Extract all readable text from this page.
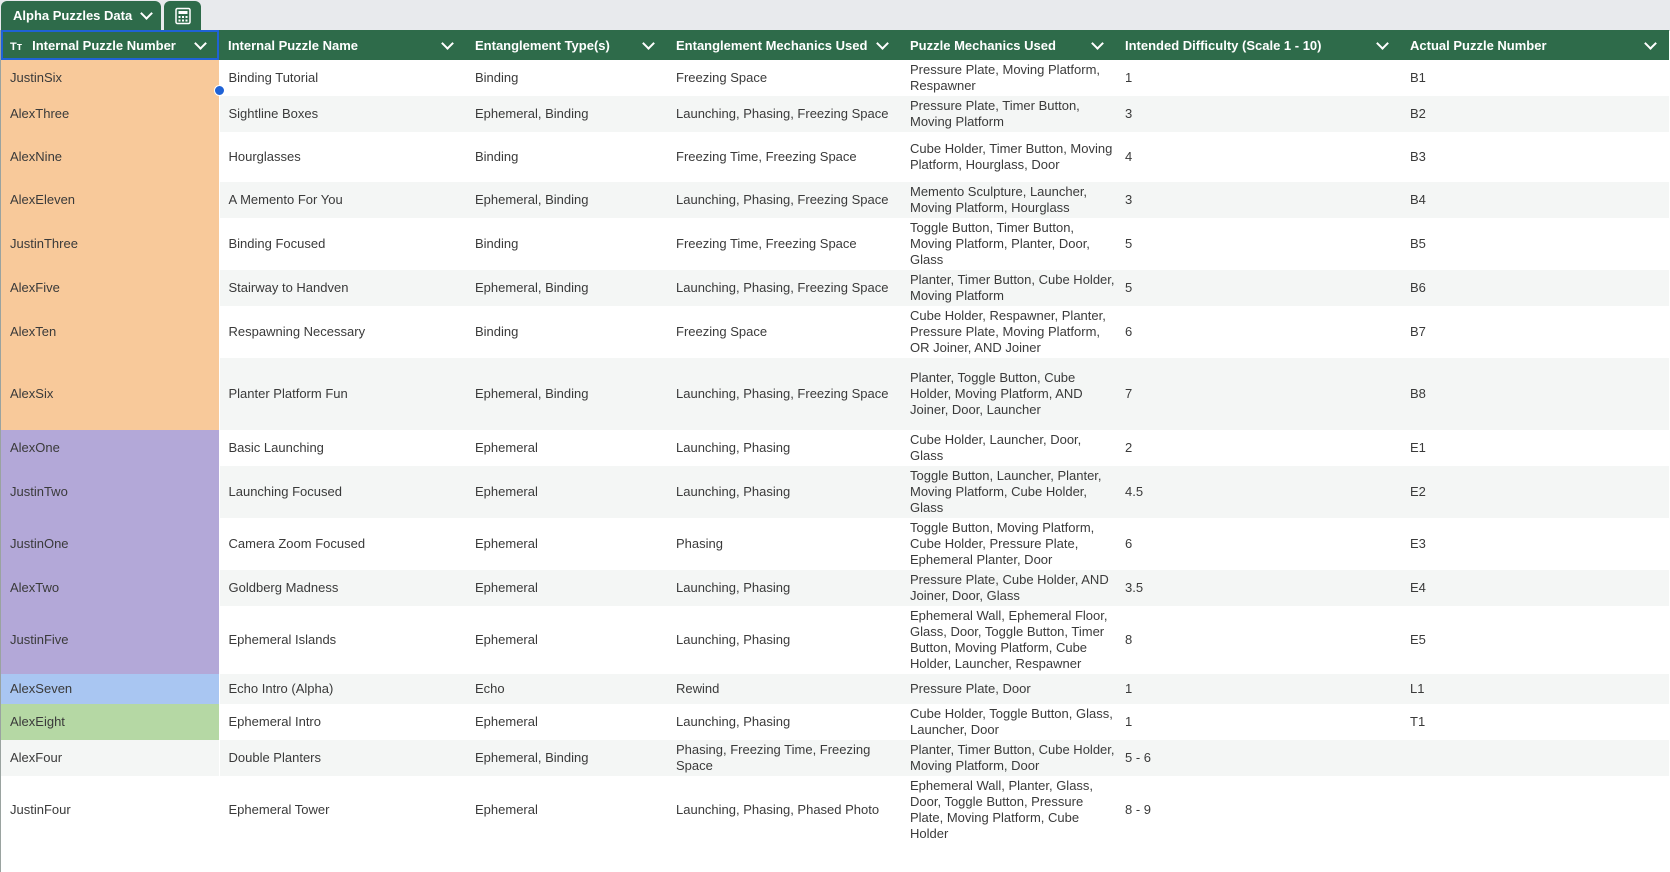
Alpha Puzzles Data
Tт Internal Puzzle Number	Internal Puzzle Name	Entanglement Type(s)	Entanglement Mechanics Used	Puzzle Mechanics Used	Intended Difficulty (Scale 1 - 10)	Actual Puzzle Number

JustinSix	Binding Tutorial	Binding	Freezing Space	Pressure Plate, Moving Platform, Respawner	1	B1
AlexThree	Sightline Boxes	Ephemeral, Binding	Launching, Phasing, Freezing Space	Pressure Plate, Timer Button, Moving Platform	3	B2
AlexNine	Hourglasses	Binding	Freezing Time, Freezing Space	Cube Holder, Timer Button, Moving Platform, Hourglass, Door	4	B3
AlexEleven	A Memento For You	Ephemeral, Binding	Launching, Phasing, Freezing Space	Memento Sculpture, Launcher, Moving Platform, Hourglass	3	B4
JustinThree	Binding Focused	Binding	Freezing Time, Freezing Space	Toggle Button, Timer Button, Moving Platform, Planter, Door, Glass	5	B5
AlexFive	Stairway to Handven	Ephemeral, Binding	Launching, Phasing, Freezing Space	Planter, Timer Button, Cube Holder, Moving Platform	5	B6
AlexTen	Respawning Necessary	Binding	Freezing Space	Cube Holder, Respawner, Planter, Pressure Plate, Moving Platform, OR Joiner, AND Joiner	6	B7
AlexSix	Planter Platform Fun	Ephemeral, Binding	Launching, Phasing, Freezing Space	Planter, Toggle Button, Cube Holder, Moving Platform, AND Joiner, Door, Launcher	7	B8
AlexOne	Basic Launching	Ephemeral	Launching, Phasing	Cube Holder, Launcher, Door, Glass	2	E1
JustinTwo	Launching Focused	Ephemeral	Launching, Phasing	Toggle Button, Launcher, Planter, Moving Platform, Cube Holder, Glass	4.5	E2
JustinOne	Camera Zoom Focused	Ephemeral	Phasing	Toggle Button, Moving Platform, Cube Holder, Pressure Plate, Ephemeral Planter, Door	6	E3
AlexTwo	Goldberg Madness	Ephemeral	Launching, Phasing	Pressure Plate, Cube Holder, AND Joiner, Door, Glass	3.5	E4
JustinFive	Ephemeral Islands	Ephemeral	Launching, Phasing	Ephemeral Wall, Ephemeral Floor, Glass, Door, Toggle Button, Timer Button, Moving Platform, Cube Holder, Launcher, Respawner	8	E5
AlexSeven	Echo Intro (Alpha)	Echo	Rewind	Pressure Plate, Door	1	L1
AlexEight	Ephemeral Intro	Ephemeral	Launching, Phasing	Cube Holder, Toggle Button, Glass, Launcher, Door	1	T1
AlexFour	Double Planters	Ephemeral, Binding	Phasing, Freezing Time, Freezing Space	Planter, Timer Button, Cube Holder, Moving Platform, Door	5 - 6	
JustinFour	Ephemeral Tower	Ephemeral	Launching, Phasing, Phased Photo	Ephemeral Wall, Planter, Glass, Door, Toggle Button, Pressure Plate, Moving Platform, Cube Holder	8 - 9	
